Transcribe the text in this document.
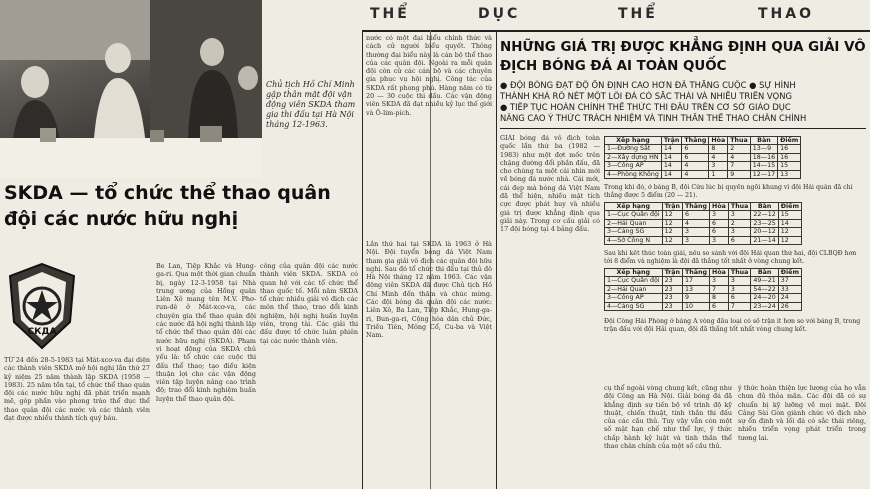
THỂ	DỤC	THỂ	THAO
Chủ tịch Hồ Chí Minh gặp thân mật đội vận động viên SKDA tham gia thi đấu tại Hà Nội tháng 12-1963.
SKDA — tổ chức thể thao quân đội các nước hữu nghị
СКДА
TỪ 24 đến 28-5-1983 tại Mát-xcơ-va đại diện các thành viên SKDA mở hội nghị lần thứ 27 kỷ niệm 25 năm thành lập SKDA (1958 — 1983). 25 năm tồn tại, tổ chức thể thao quân đội các nước hữu nghị đã phát triển mạnh mẽ, góp phần vào phong trào thể dục thể thao quân đội các nước và các thành viên đạt được nhiều thành tích quý báu.
Be Lan, Tiệp Khắc và Hung-ga-ri. Qua một thời gian chuẩn bị, ngày 12-3-1958 tại Nhà trung ương của Hồng quân Liên Xô mang tên M.V. Phơ-run-dê ở Mát-xcơ-va, các chuyên gia thể thao quân đội các nước đã hội nghị thành lập tổ chức thể thao quân đội các nước hữu nghị (SKDA). Phạm vi hoạt động của SKDA chủ yếu là: tổ chức các cuộc thi đấu thể thao; tạo điều kiện thuận lợi cho các vận động viên tập luyện nâng cao trình độ; trao đổi kinh nghiệm huấn luyện thể thao quân đội.
công của quân đội các nước thành viên SKDA. SKDA có quan hệ với các tổ chức thể thao quốc tế. Mỗi năm SKDA tổ chức nhiều giải vô địch các môn thể thao, trao đổi kinh nghiệm, hội nghị huấn luyện viên, trọng tài. Các giải thi đấu được tổ chức luân phiên tại các nước thành viên.
nước có một đại biểu chính thức và cách cử người biểu quyết. Thông thường đại biểu này là cán bộ thể thao của các quân đội. Ngoài ra mỗi quân đội còn cử các cán bộ và các chuyên gia phục vụ hội nghị. Công tác của SKDA rất phong phú. Hàng năm có từ 20 — 30 cuộc thi đấu. Các vận động viên SKDA đã đạt nhiều kỷ lục thế giới và Ô-lim-pích.
Lần thứ hai tại SKDA là 1963 ở Hà Nội. Đội tuyển bóng đá Việt Nam tham gia giải vô địch các quân đội hữu nghị. Sau đó tổ chức thi đấu tại thủ đô Hà Nội tháng 12 năm 1963. Các vận động viên SKDA đã được Chủ tịch Hồ Chí Minh đến thăm và chúc mừng. Các đội bóng đá quân đội các nước: Liên Xô, Ba Lan, Tiệp Khắc, Hung-ga-ri, Bun-ga-ri, Cộng hòa dân chủ Đức, Triều Tiên, Mông Cổ, Cu-ba và Việt Nam.
NHỮNG GIÁ TRỊ ĐƯỢC KHẲNG ĐỊNH QUA GIẢI VÔ ĐỊCH BÓNG ĐÁ AI TOÀN QUỐC
● ĐỘI BÓNG ĐẠT ĐỘ ỔN ĐỊNH CAO HƠN ĐÃ THẮNG CUỘC ● SỰ HÌNH
THÀNH KHÁ RÕ NÉT MỘT LỐI ĐÁ CÓ SẮC THÁI VÀ NHIỀU TRIỂN VỌNG
● TIẾP TỤC HOÀN CHỈNH THỂ THỨC THI ĐẤU TRÊN CƠ SỞ GIÁO DỤC
NÂNG CAO Ý THỨC TRÁCH NHIỆM VÀ TINH THẦN THỂ THAO CHÂN CHÍNH
GIẢI bóng đá vô địch toàn quốc lần thứ ba (1982 — 1983) như một đợt mốc trên chặng đường đổi phần đấu, đã cho chúng ta một cái nhìn mới về bóng đá nước nhà. Cái mới, cái đẹp mà bóng đá Việt Nam đã thể hiện, nhiều mặt tích cực được phát huy và nhiều giá trị được khẳng định qua giải này. Trong cơ cấu giải có 17 đội bóng tại 4 bảng đấu.
cụ thể ngoài vòng chung kết, cũng như đội Công an Hà Nội. Giải bóng đá đã khẳng định sự tiến bộ về trình độ kỹ thuật, chiến thuật, tinh thần thi đấu của các cầu thủ. Tuy vậy vẫn còn một số mặt hạn chế như thể lực, ý thức chấp hành kỷ luật và tinh thần thể thao chân chính của một số cầu thủ.
ý thức hoàn thiện lực lượng của họ vẫn chưa đủ thỏa mãn. Các đội đã có sự chuẩn bị kỹ lưỡng về mọi mặt. Đội Cảng Sài Gòn giành chức vô địch nhờ sự ổn định và lối đá có sắc thái riêng, nhiều triển vọng phát triển trong tương lai.
Xếp hạng	Trận	Thắng	Hòa	Thua	Bàn	Điểm
1—Đường Sắt	14	6	8	2	13—9	16
2—Xây dựng HN	14	6	4	4	18—16	16
3—Công AP	14	4	3	7	14—15	15
4—Phòng Không	14	4	1	9	12—17	13
Trong khi đó, ở bảng B, đội Cửu lúc bị quyền ngồi khung vì đội Hải quân đã chỉ thắng được 5 điểm (20 — 21).
Xếp hạng	Trận	Thắng	Hòa	Thua	Bàn	Điểm
1—Cục Quân đội	12	6	3	3	22—12	15
2—Hải Quan	12	4	6	2	23—25	14
3—Cảng SG	12	3	6	3	20—12	12
4—Sở Công N	12	3	3	6	21—14	12
Sau khi kết thúc toàn giải, nêu so sánh với đội Hải quan thứ hai, đội CLBQĐ hơn tới 8 điểm và nghiệm là đội đã thắng tốt nhất ở vòng chung kết.
Xếp hạng	Trận	Thắng	Hòa	Thua	Bàn	Điểm
1—Cục Quân đội	23	17	3	3	49—21	37
2—Hải Quan	23	13	7	3	54—22	33
3—Công AP	23	9	8	6	24—20	24
4—Cảng SG	23	10	6	7	23—24	26
Đội Công Hải Phòng ở bảng A vòng đầu loại có số trận ít hơn so với bảng B, trong trận đấu với đội Hải quan, đội đã thắng tốt nhất vòng chung kết.
